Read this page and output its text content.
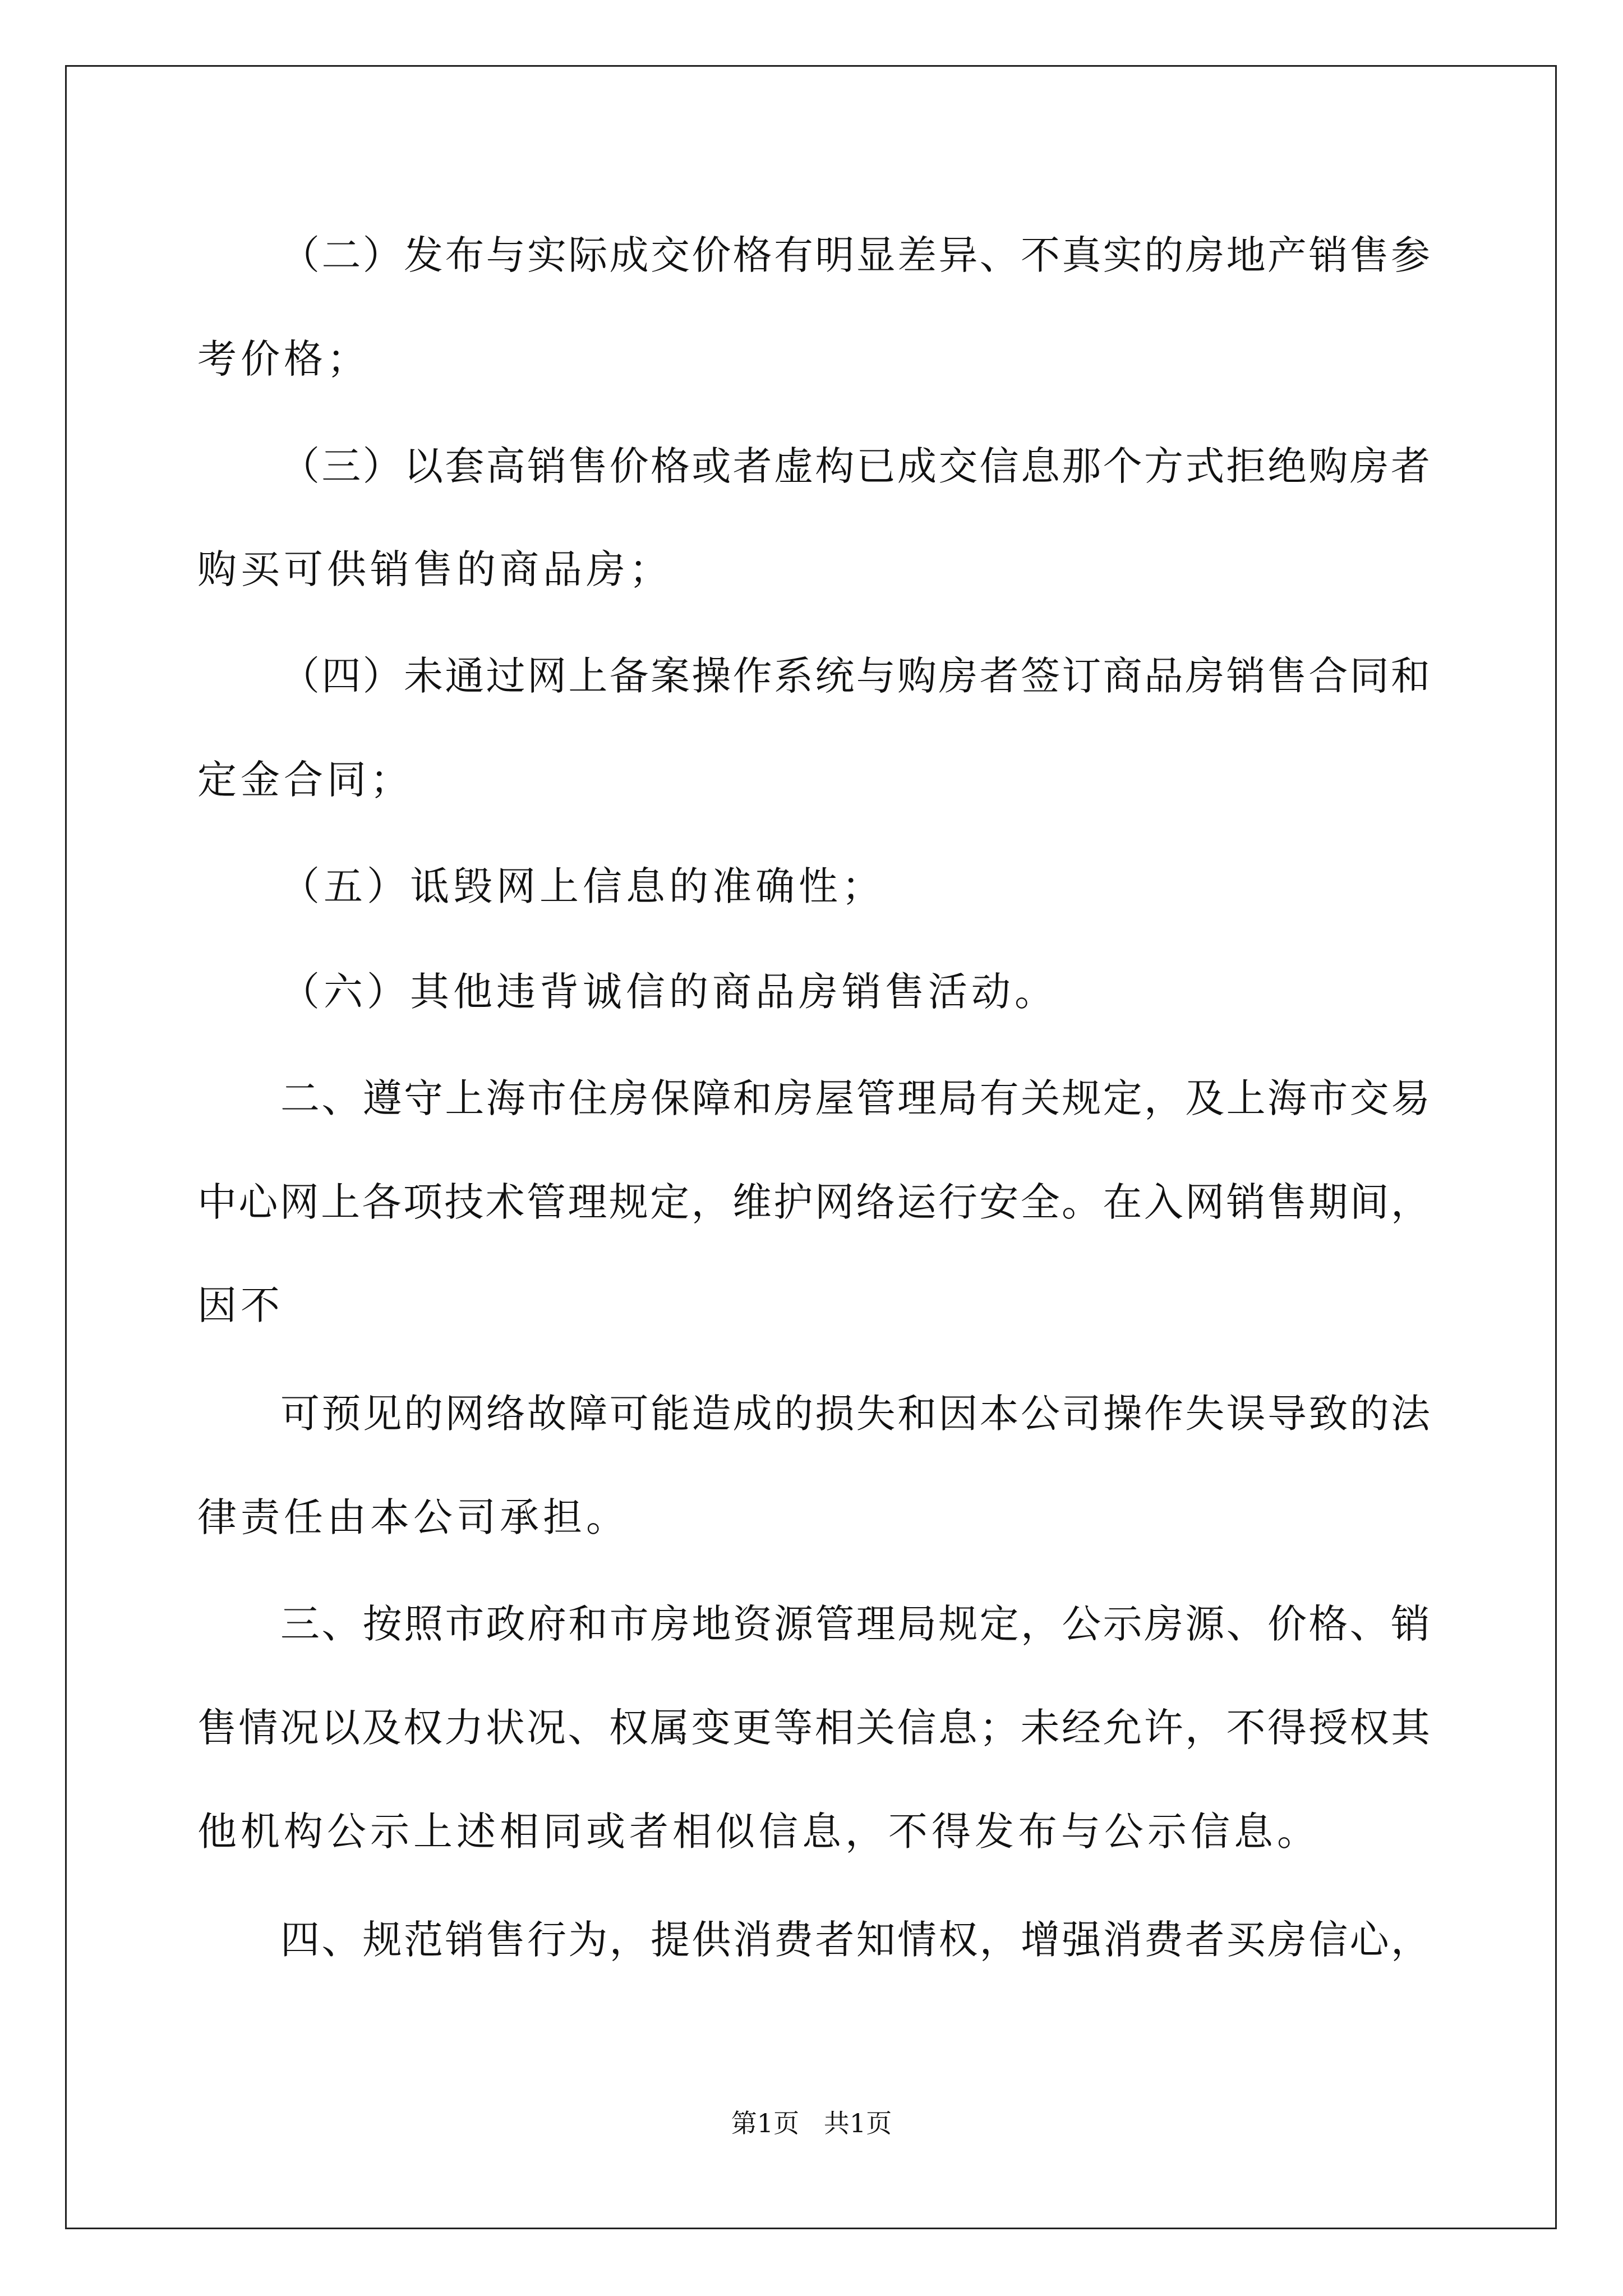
（二）发布与实际成交价格有明显差异、不真实的房地产销售参

考价格；

（三）以套高销售价格或者虚构已成交信息那个方式拒绝购房者

购买可供销售的商品房；

（四）未通过网上备案操作系统与购房者签订商品房销售合同和

定金合同；

（五）诋毁网上信息的准确性；

（六）其他违背诚信的商品房销售活动。

二、遵守上海市住房保障和房屋管理局有关规定，及上海市交易

中心网上各项技术管理规定，维护网络运行安全。在入网销售期间，

因不

可预见的网络故障可能造成的损失和因本公司操作失误导致的法

律责任由本公司承担。

三、按照市政府和市房地资源管理局规定，公示房源、价格、销

售情况以及权力状况、权属变更等相关信息；未经允许，不得授权其

他机构公示上述相同或者相似信息，不得发布与公示信息。

四、规范销售行为，提供消费者知情权，增强消费者买房信心，

第1页   共1页
